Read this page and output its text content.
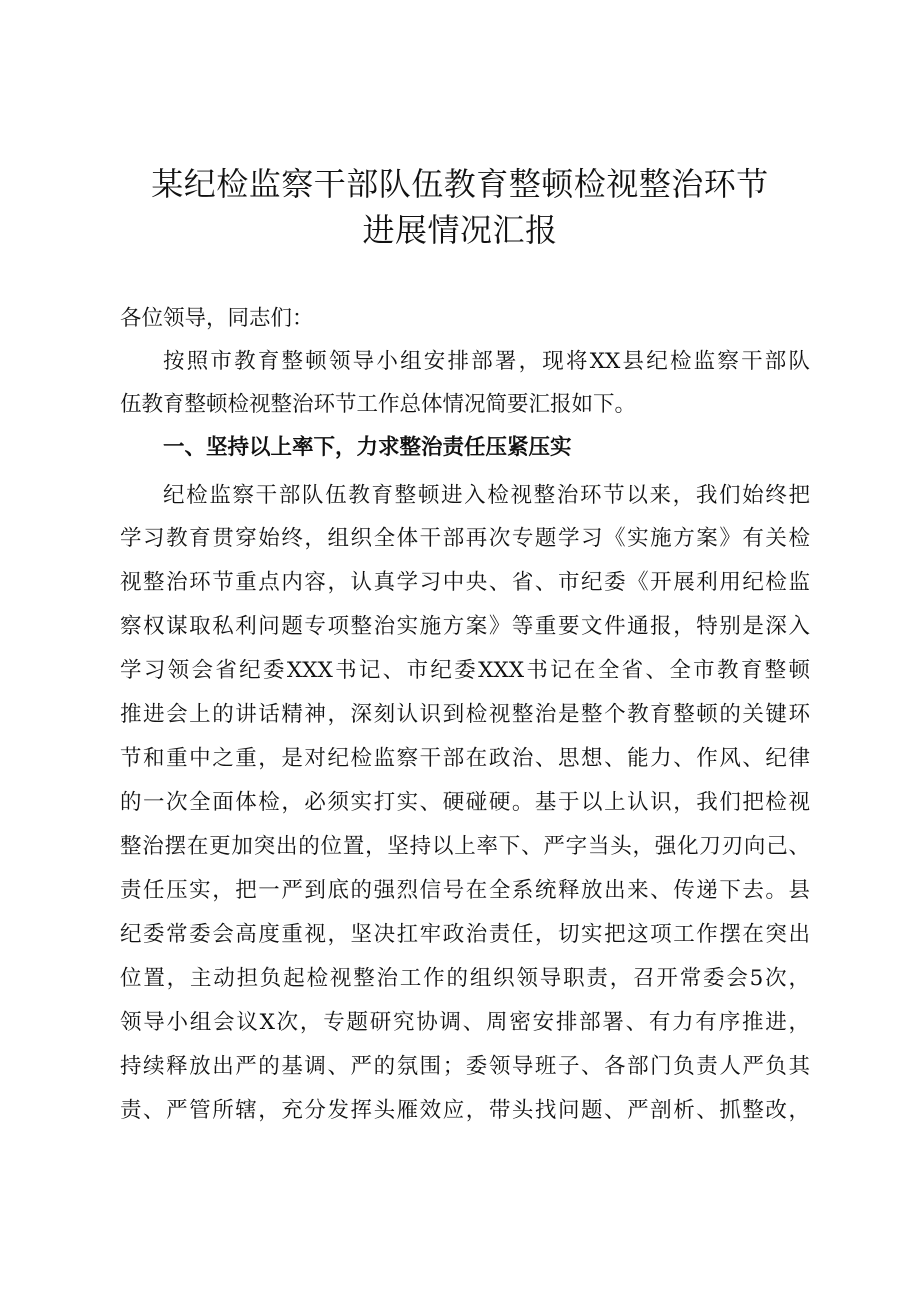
某纪检监察干部队伍教育整顿检视整治环节
进展情况汇报

各位领导，同志们：

按照市教育整顿领导小组安排部署，现将XX县纪检监察干部队

伍教育整顿检视整治环节工作总体情况简要汇报如下。

一、坚持以上率下，力求整治责任压紧压实

纪检监察干部队伍教育整顿进入检视整治环节以来，我们始终把

学习教育贯穿始终，组织全体干部再次专题学习《实施方案》有关检

视整治环节重点内容，认真学习中央、省、市纪委《开展利用纪检监

察权谋取私利问题专项整治实施方案》等重要文件通报，特别是深入

学习领会省纪委XXX书记、市纪委XXX书记在全省、全市教育整顿

推进会上的讲话精神，深刻认识到检视整治是整个教育整顿的关键环

节和重中之重，是对纪检监察干部在政治、思想、能力、作风、纪律

的一次全面体检，必须实打实、硬碰硬。基于以上认识，我们把检视

整治摆在更加突出的位置，坚持以上率下、严字当头，强化刀刃向己、

责任压实，把一严到底的强烈信号在全系统释放出来、传递下去。县

纪委常委会高度重视，坚决扛牢政治责任，切实把这项工作摆在突出

位置，主动担负起检视整治工作的组织领导职责，召开常委会5次，

领导小组会议X次，专题研究协调、周密安排部署、有力有序推进，

持续释放出严的基调、严的氛围；委领导班子、各部门负责人严负其

责、严管所辖，充分发挥头雁效应，带头找问题、严剖析、抓整改，
